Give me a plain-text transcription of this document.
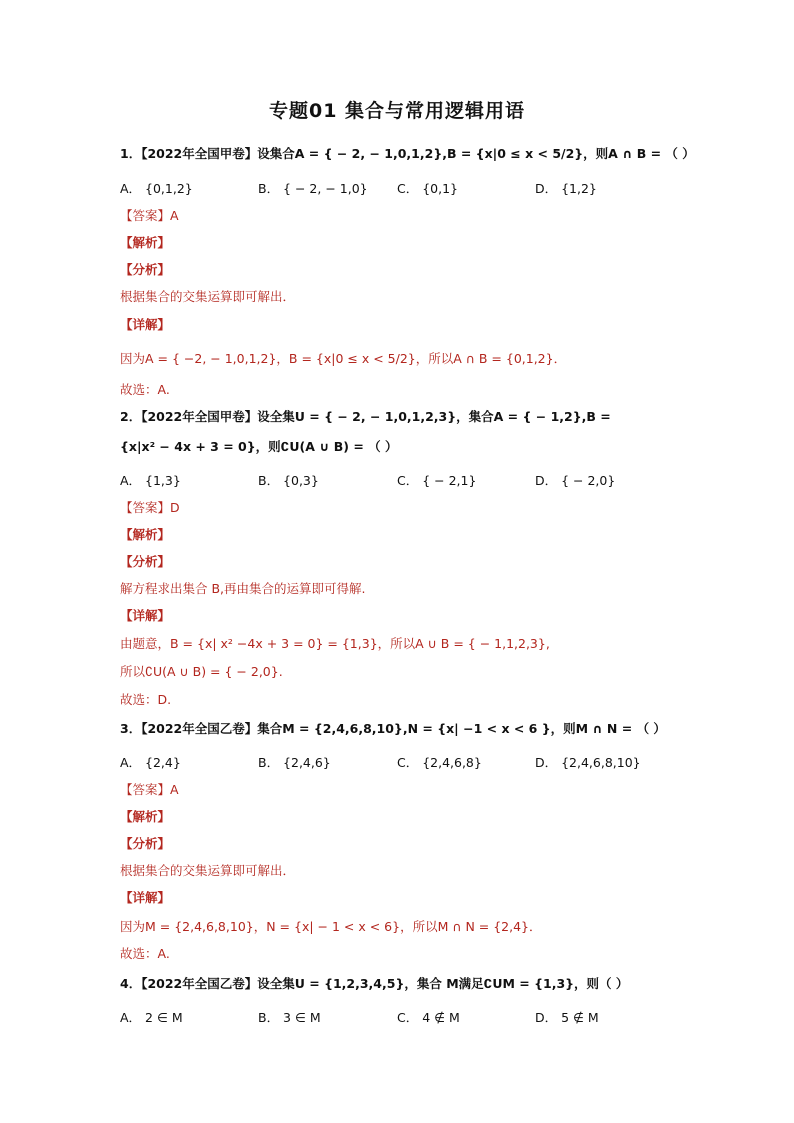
专题01 集合与常用逻辑用语
1．【2022年全国甲卷】设集合A = { − 2, − 1,0,1,2},B = {x|0 ≤ x < 5/2}，则A ∩ B = （ ）
A． {0,1,2}	B． { − 2, − 1,0} C． {0,1}	D． {1,2}
【答案】A
【解析】
【分析】
根据集合的交集运算即可解出．
【详解】
因为A = { −2, − 1,0,1,2}，B = {x|0 ≤ x < 5/2}，所以A ∩ B = {0,1,2}．
故选：A.
2．【2022年全国甲卷】设全集U = { − 2, − 1,0,1,2,3}，集合A = { − 1,2},B =
{x|x² − 4x + 3 = 0}，则∁U(A ∪ B) = （ ）
A． {1,3}	B． {0,3}	C． { − 2,1}	D． { − 2,0}
【答案】D
【解析】
【分析】
解方程求出集合 B,再由集合的运算即可得解.
【详解】
由题意，B = {x| x² −4x + 3 = 0} = {1,3}，所以A ∪ B = { − 1,1,2,3},
所以∁U(A ∪ B) = { − 2,0}.
故选：D.
3．【2022年全国乙卷】集合M = {2,4,6,8,10},N = {x| −1 < x < 6 }，则M ∩ N = （ ）
A． {2,4}	B． {2,4,6}	C． {2,4,6,8}	D． {2,4,6,8,10}
【答案】A
【解析】
【分析】
根据集合的交集运算即可解出．
【详解】
因为M = {2,4,6,8,10}，N = {x| − 1 < x < 6}，所以M ∩ N = {2,4}．
故选：A.
4．【2022年全国乙卷】设全集U = {1,2,3,4,5}，集合 M满足∁UM = {1,3}，则（ ）
A． 2 ∈ M	B． 3 ∈ M	C． 4 ∉ M	D． 5 ∉ M
